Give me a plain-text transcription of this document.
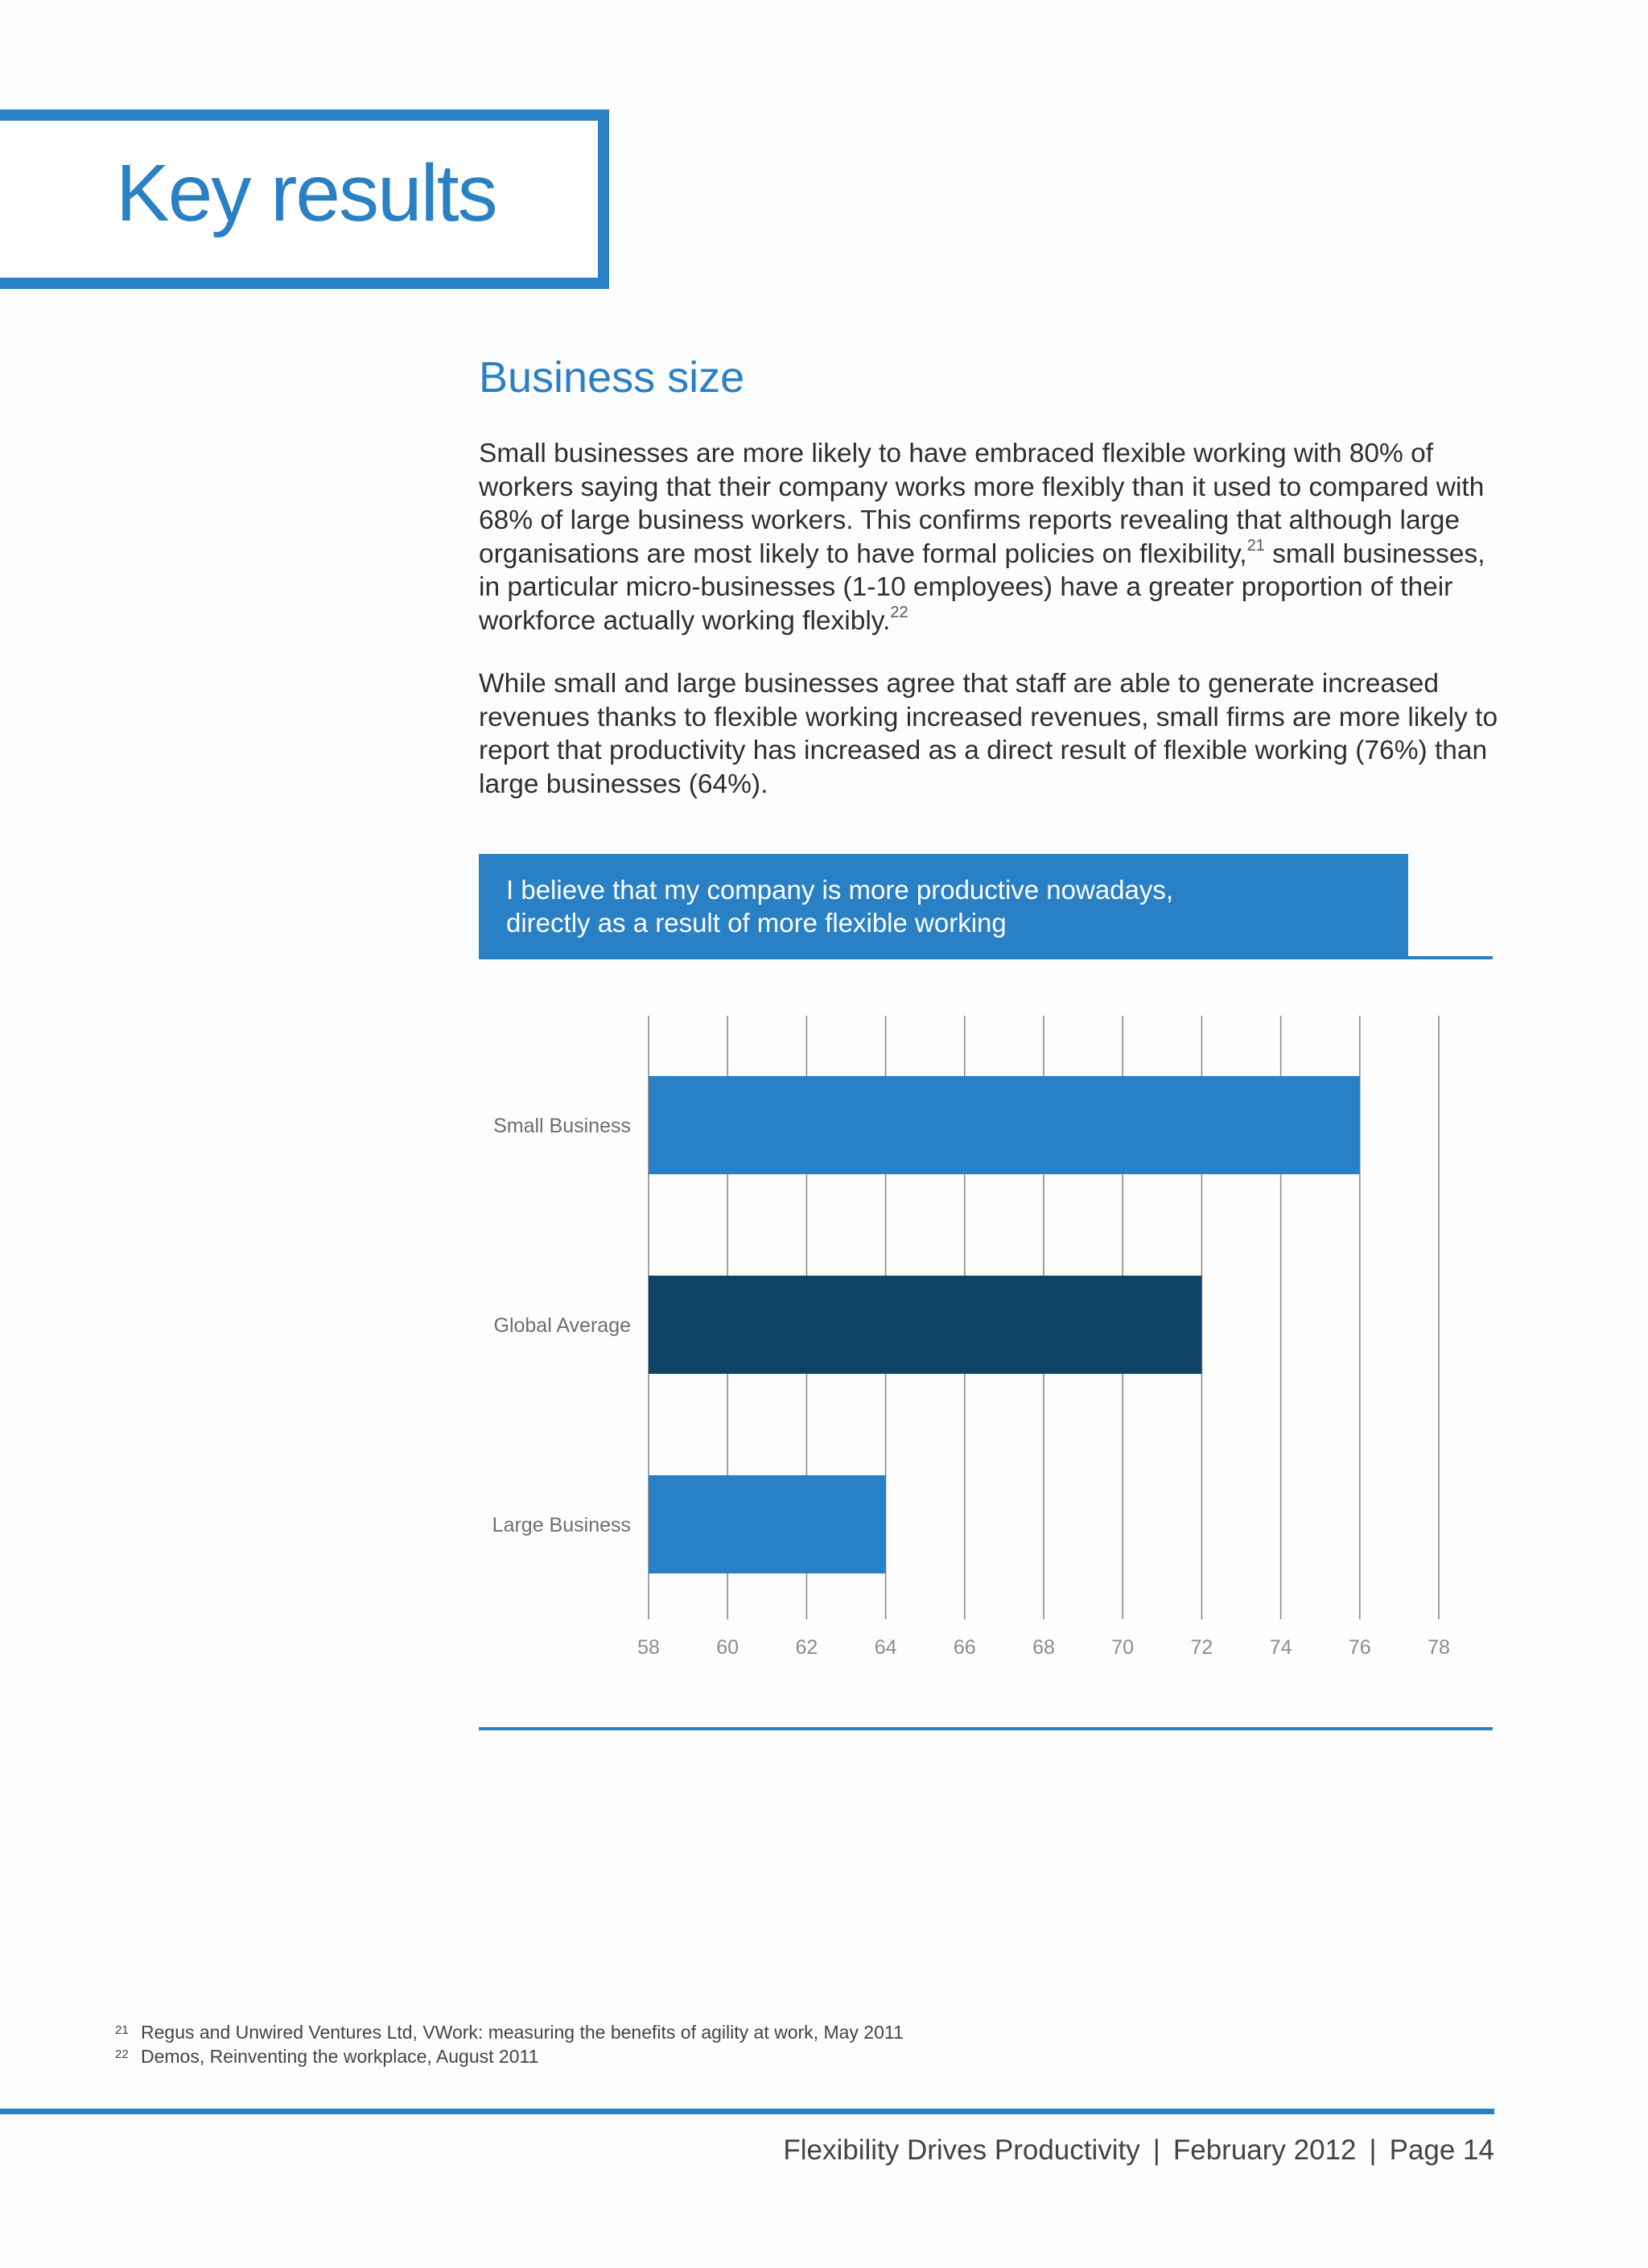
Key results
Business size

Small businesses are more likely to have embraced flexible working with 80% of workers saying that their company works more flexibly than it used to compared with 68% of large business workers. This confirms reports revealing that although large organisations are most likely to have formal policies on flexibility,$^{21}$ small businesses, in particular micro-businesses (1-10 employees) have a greater proportion of their workforce actually working flexibly.$^{22}$

While small and large businesses agree that staff are able to generate increased revenues thanks to flexible working increased revenues, small firms are more likely to report that productivity has increased as a direct result of flexible working (76%) than large businesses (64%).

I believe that my company is more productive nowadays,
directly as a result of more flexible working
58	60	62	64	66	68	70	72	74	76	78
Small Business
Global Average
Large Business
21 Regus and Unwired Ventures Ltd, VWork: measuring the benefits of agility at work, May 2011
22 Demos, Reinventing the workplace, August 2011
Flexibility Drives Productivity | February 2012 | Page 14
